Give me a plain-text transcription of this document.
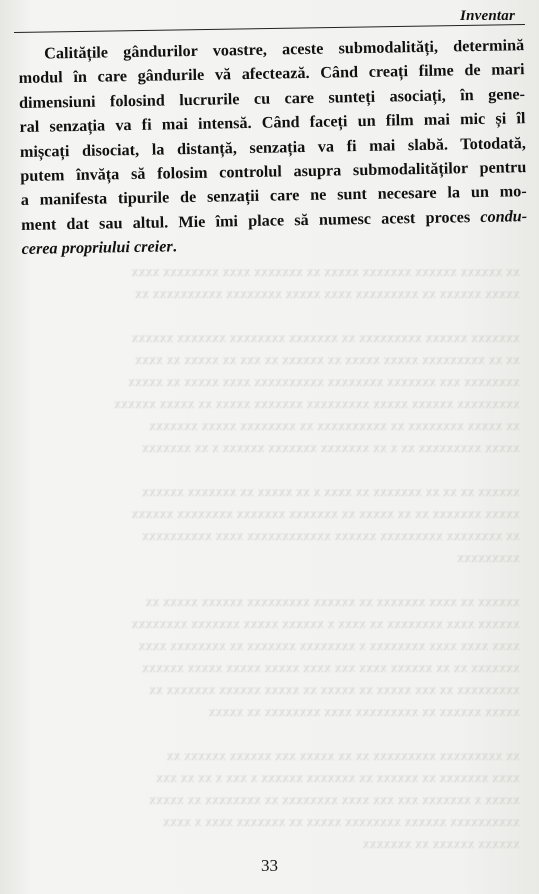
xx xxxxxx xxxxxx xxxxxxx xxxxx xx xxxxxxx xxxx xxxxxxxx xxxx
xxxxx xxxxxx xx xxxxxxxxx xxxx xxxxx xxxxxxxx xxxxxxxxxx xx
xxxxxxx xxxxxx xxxxxxxxx xx xxxxxxx xxxxxxxx xxxxxxx xxxxxx
xx xx xxxxxxxxx xxxxx xxxxx xx xxxxxx xx xxx xx xxxxx xx xxxx
xxxxxxxx xxx xxxxxxx xxxxxxxx xxxxxxxxxx xxxx xxxxx xx xxxxx
xxxxxxxxx xxxxxx xxxxx xxxxxxxxx xxxxxxx xxxxx xx xxxxx xxxxxx
xx xxxxx xxxxxxxx xx xxxxxxxxxx xx xxxxxxxx xxxxx xxxxxxx
xxxxx xxxxxxxxx xx x xx xxxxxxx xxxxxxx xxxxxx x xx xxxxxxx
xxxxxx xx xx xx xxxxxxx xx xxxx x xx xxxxx xx xxxxxxx xxxxxx
xxxxx xxxxxxx xx xx xxxxx xx xxxxxxx xxxxxxx xxxxxxxx xxxxxx
xx xxxxxxxx xxxxxxxxx xxxxxx xxxxxxxxxxxx xxxx xxxxxxxxxx
xxxxxxxxx
xxxxxx xx xxxx xxxxxxx xx xxxxxx xxxxxxxxx xxxxxx xxxxx xx
xxxxxx xxxx xxxxxxxx xx xxxx x xxxxxx xxxxx xxxxxxx xxxxxxxx
xxxx xxxx xxxx xxxxxxxx x xxxxxxxx xxxxxxx xx xxxxxxxx xxxx
xxxxxxx xx xx xxxxxx xxxx xxx xxxx xxxxx xxxxx xxxxx xxxxxx
xxxxxxxxx xx xxx xxxxx xx xxxxx xx xxxxx xxxxxx xxxxxxx xx
xxxxx xxxxxx xx xxxxxxxxx xxxx xxxxxxxx xx xxxxx
xx xxxxxxxxx xxxxxxxxx xx xx xxxxx xxx xxxxxx xxxxxx xx
xxxx xxxxxxx xx xxxxxx xx xxxxxxx xxxxxx x xxx x xx xx xxx
xxxxx x xxxxxxx xxx xxx xxxx xxxxxxxx xx xxxxxxxx xx xxxxx
xxxxxxxxxx xxxxxx xxxxxxxx xxxxx xx xxxxxxx xxxx x xxxx
xxxxxx xxxxxx xx xxxxxxx
Inventar
Calitățile gândurilor voastre, aceste submodalități, determină
modul în care gândurile vă afectează. Când creați filme de mari
dimensiuni folosind lucrurile cu care sunteți asociați, în gene-
ral senzația va fi mai intensă. Când faceți un film mai mic și îl
mișcați disociat, la distanță, senzația va fi mai slabă. Totodată,
putem învăța să folosim controlul asupra submodalităților pentru
a manifesta tipurile de senzații care ne sunt necesare la un mo-
ment dat sau altul. Mie îmi place să numesc acest proces condu-
cerea propriului creier.
33
